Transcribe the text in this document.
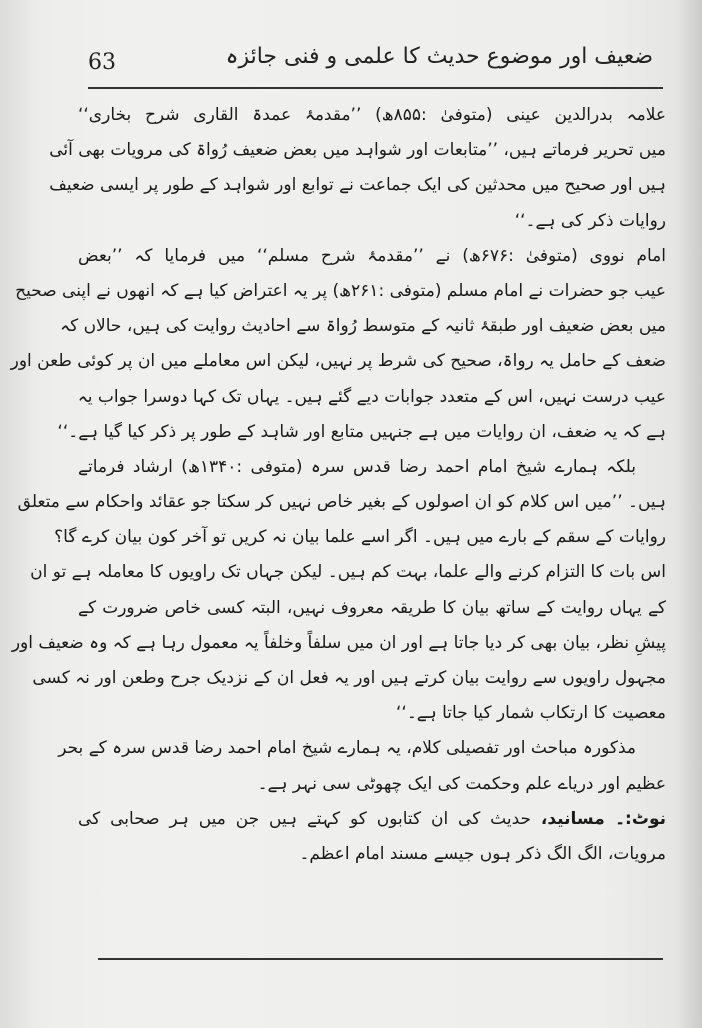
63	ضعیف اور موضوع حدیث کا علمی و فنی جائزہ
علامہ بدرالدین عینی (متوفیٰ :۸۵۵ھ) ’’مقدمۂ عمدۃ القاری شرح بخاری‘‘
میں تحریر فرماتے ہیں، ’’متابعات اور شواہد میں بعض ضعیف رُواۃ کی مرویات بھی آئی
ہیں اور صحیح میں محدثین کی ایک جماعت نے توابع اور شواہد کے طور پر ایسی ضعیف
روایات ذکر کی ہے۔‘‘
امام نووی (متوفیٰ :۶۷۶ھ) نے ’’مقدمۂ شرح مسلم‘‘ میں فرمایا کہ ’’بعض
عیب جو حضرات نے امام مسلم (متوفی :۲۶۱ھ) پر یہ اعتراض کیا ہے کہ انھوں نے اپنی صحیح
میں بعض ضعیف اور طبقۂ ثانیہ کے متوسط رُواۃ سے احادیث روایت کی ہیں، حالاں کہ
ضعف کے حامل یہ رواۃ، صحیح کی شرط پر نہیں، لیکن اس معاملے میں ان پر کوئی طعن اور
عیب درست نہیں، اس کے متعدد جوابات دیے گئے ہیں۔ یہاں تک کہا دوسرا جواب یہ
ہے کہ یہ ضعف، ان روایات میں ہے جنہیں متابع اور شاہد کے طور پر ذکر کیا گیا ہے۔‘‘
بلکہ ہمارے شیخ امام احمد رضا قدس سرہ (متوفی :۱۳۴۰ھ) ارشاد فرماتے
ہیں۔ ’’میں اس کلام کو ان اصولوں کے بغیر خاص نہیں کر سکتا جو عقائد واحکام سے متعلق
روایات کے سقم کے بارے میں ہیں۔ اگر اسے علما بیان نہ کریں تو آخر کون بیان کرے گا؟
اس بات کا التزام کرنے والے علما، بہت کم ہیں۔ لیکن جہاں تک راویوں کا معاملہ ہے تو ان
کے یہاں روایت کے ساتھ بیان کا طریقہ معروف نہیں، البتہ کسی خاص ضرورت کے
پیشِ نظر، بیان بھی کر دیا جاتا ہے اور ان میں سلفاً وخلفاً یہ معمول رہا ہے کہ وہ ضعیف اور
مجہول راویوں سے روایت بیان کرتے ہیں اور یہ فعل ان کے نزدیک جرح وطعن اور نہ کسی
معصیت کا ارتکاب شمار کیا جاتا ہے۔‘‘
مذکورہ مباحث اور تفصیلی کلام، یہ ہمارے شیخ امام احمد رضا قدس سرہ کے بحر
عظیم اور دریاے علم وحکمت کی ایک چھوٹی سی نہر ہے۔
نوٹ:۔ مسانید، حدیث کی ان کتابوں کو کہتے ہیں جن میں ہر صحابی کی
مرویات، الگ الگ ذکر ہوں جیسے مسند امام اعظم۔
